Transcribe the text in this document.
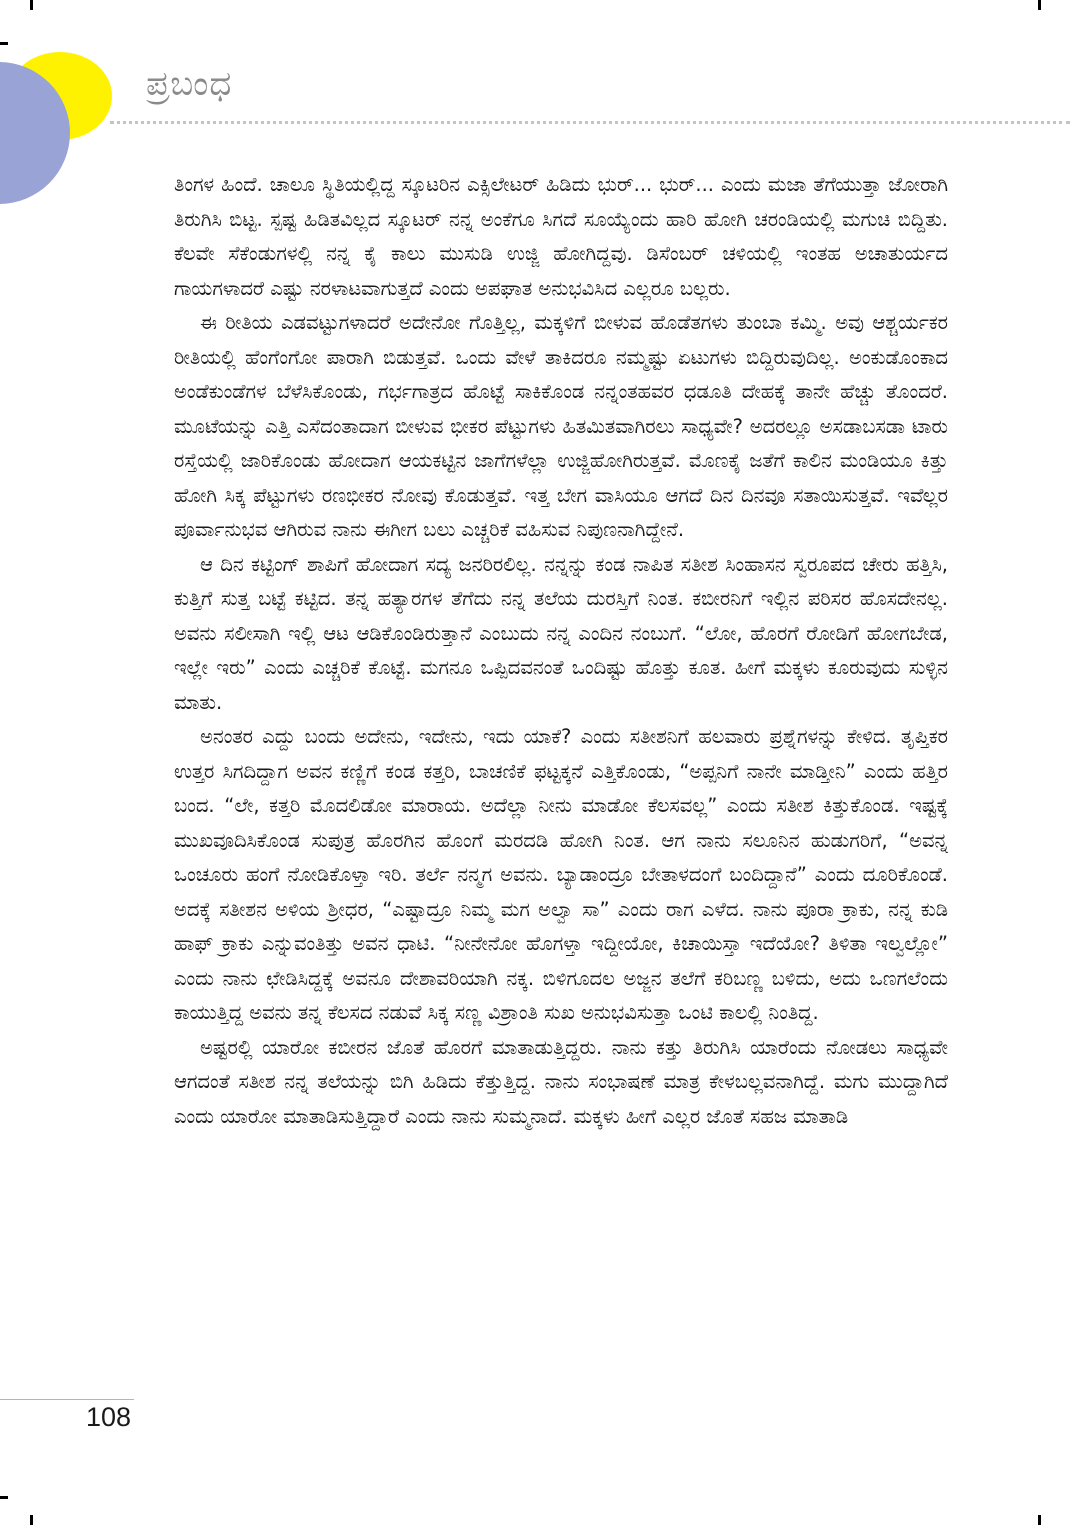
ಪ್ರಬಂಧ

ತಿಂಗಳ ಹಿಂದೆ. ಚಾಲೂ ಸ್ಥಿತಿಯಲ್ಲಿದ್ದ ಸ್ಕೂಟರಿನ ಎಕ್ಸಿಲೇಟರ್ ಹಿಡಿದು ಭುರ್... ಭುರ್... ಎಂದು ಮಜಾ ತೆಗೆಯುತ್ತಾ ಜೋರಾಗಿ ತಿರುಗಿಸಿ ಬಿಟ್ಟ. ಸ್ಪಷ್ಟ ಹಿಡಿತವಿಲ್ಲದ ಸ್ಕೂಟರ್ ನನ್ನ ಅಂಕೆಗೂ ಸಿಗದೆ ಸೂಯ್ಯೆಂದು ಹಾರಿ ಹೋಗಿ ಚರಂಡಿಯಲ್ಲಿ ಮಗುಚಿ ಬಿದ್ದಿತು. ಕೆಲವೇ ಸೆಕೆಂಡುಗಳಲ್ಲಿ ನನ್ನ ಕೈ ಕಾಲು ಮುಸುಡಿ ಉಜ್ಜಿ ಹೋಗಿದ್ದವು. ಡಿಸೆಂಬರ್ ಚಳಿಯಲ್ಲಿ ಇಂತಹ ಅಚಾತುರ್ಯದ ಗಾಯಗಳಾದರೆ ಎಷ್ಟು ನರಳಾಟವಾಗುತ್ತದೆ ಎಂದು ಅಪಘಾತ ಅನುಭವಿಸಿದ ಎಲ್ಲರೂ ಬಲ್ಲರು.

ಈ ರೀತಿಯ ಎಡವಟ್ಟುಗಳಾದರೆ ಅದೇನೋ ಗೊತ್ತಿಲ್ಲ, ಮಕ್ಕಳಿಗೆ ಬೀಳುವ ಹೊಡೆತಗಳು ತುಂಬಾ ಕಮ್ಮಿ. ಅವು ಆಶ್ಚರ್ಯಕರ ರೀತಿಯಲ್ಲಿ ಹೆಂಗೆಂಗೋ ಪಾರಾಗಿ ಬಿಡುತ್ತವೆ. ಒಂದು ವೇಳೆ ತಾಕಿದರೂ ನಮ್ಮಷ್ಟು ಏಟುಗಳು ಬಿದ್ದಿರುವುದಿಲ್ಲ. ಅಂಕುಡೊಂಕಾದ ಅಂಡೆಕುಂಡೆಗಳ ಬೆಳೆಸಿಕೊಂಡು, ಗರ್ಭಗಾತ್ರದ ಹೊಟ್ಟೆ ಸಾಕಿಕೊಂಡ ನನ್ನಂತಹವರ ಧಡೂತಿ ದೇಹಕ್ಕೆ ತಾನೇ ಹೆಚ್ಚು ತೊಂದರೆ. ಮೂಟೆಯನ್ನು ಎತ್ತಿ ಎಸೆದಂತಾದಾಗ ಬೀಳುವ ಭೀಕರ ಪೆಟ್ಟುಗಳು ಹಿತಮಿತವಾಗಿರಲು ಸಾಧ್ಯವೇ? ಅದರಲ್ಲೂ ಅಸಡಾಬಸಡಾ ಟಾರು ರಸ್ತೆಯಲ್ಲಿ ಜಾರಿಕೊಂಡು ಹೋದಾಗ ಆಯಕಟ್ಟಿನ ಜಾಗೆಗಳೆಲ್ಲಾ ಉಜ್ಜಿಹೋಗಿರುತ್ತವೆ. ಮೊಣಕೈ ಜತೆಗೆ ಕಾಲಿನ ಮಂಡಿಯೂ ಕಿತ್ತು ಹೋಗಿ ಸಿಕ್ಕ ಪೆಟ್ಟುಗಳು ರಣಭೀಕರ ನೋವು ಕೊಡುತ್ತವೆ. ಇತ್ತ ಬೇಗ ವಾಸಿಯೂ ಆಗದೆ ದಿನ ದಿನವೂ ಸತಾಯಿಸುತ್ತವೆ. ಇವೆಲ್ಲರ ಪೂರ್ವಾನುಭವ ಆಗಿರುವ ನಾನು ಈಗೀಗ ಬಲು ಎಚ್ಚರಿಕೆ ವಹಿಸುವ ನಿಪುಣನಾಗಿದ್ದೇನೆ.

ಆ ದಿನ ಕಟ್ಟಿಂಗ್ ಶಾಪಿಗೆ ಹೋದಾಗ ಸದ್ಯ ಜನರಿರಲಿಲ್ಲ. ನನ್ನನ್ನು ಕಂಡ ನಾಪಿತ ಸತೀಶ ಸಿಂಹಾಸನ ಸ್ವರೂಪದ ಚೇರು ಹತ್ತಿಸಿ, ಕುತ್ತಿಗೆ ಸುತ್ತ ಬಟ್ಟೆ ಕಟ್ಟಿದ. ತನ್ನ ಹತ್ಯಾರಗಳ ತೆಗೆದು ನನ್ನ ತಲೆಯ ದುರಸ್ತಿಗೆ ನಿಂತ. ಕಬೀರನಿಗೆ ಇಲ್ಲಿನ ಪರಿಸರ ಹೊಸದೇನಲ್ಲ. ಅವನು ಸಲೀಸಾಗಿ ಇಲ್ಲಿ ಆಟ ಆಡಿಕೊಂಡಿರುತ್ತಾನೆ ಎಂಬುದು ನನ್ನ ಎಂದಿನ ನಂಬುಗೆ. “ಲೋ, ಹೊರಗೆ ರೋಡಿಗೆ ಹೋಗಬೇಡ, ಇಲ್ಲೇ ಇರು” ಎಂದು ಎಚ್ಚರಿಕೆ ಕೊಟ್ಟೆ. ಮಗನೂ ಒಪ್ಪಿದವನಂತೆ ಒಂದಿಷ್ಟು ಹೊತ್ತು ಕೂತ. ಹೀಗೆ ಮಕ್ಕಳು ಕೂರುವುದು ಸುಳ್ಳಿನ ಮಾತು.

ಅನಂತರ ಎದ್ದು ಬಂದು ಅದೇನು, ಇದೇನು, ಇದು ಯಾಕೆ? ಎಂದು ಸತೀಶನಿಗೆ ಹಲವಾರು ಪ್ರಶ್ನೆಗಳನ್ನು ಕೇಳಿದ. ತೃಪ್ತಿಕರ ಉತ್ತರ ಸಿಗದಿದ್ದಾಗ ಅವನ ಕಣ್ಣಿಗೆ ಕಂಡ ಕತ್ತರಿ, ಬಾಚಣಿಕೆ ಫಟ್ಟಕ್ಕನೆ ಎತ್ತಿಕೊಂಡು, “ಅಪ್ಪನಿಗೆ ನಾನೇ ಮಾಡ್ತೀನಿ” ಎಂದು ಹತ್ತಿರ ಬಂದ. “ಲೇ, ಕತ್ತರಿ ಮೊದಲಿಡೋ ಮಾರಾಯ. ಅದೆಲ್ಲಾ ನೀನು ಮಾಡೋ ಕೆಲಸವಲ್ಲ” ಎಂದು ಸತೀಶ ಕಿತ್ತುಕೊಂಡ. ಇಷ್ಟಕ್ಕೆ ಮುಖವೂದಿಸಿಕೊಂಡ ಸುಪುತ್ರ ಹೊರಗಿನ ಹೊಂಗೆ ಮರದಡಿ ಹೋಗಿ ನಿಂತ. ಆಗ ನಾನು ಸಲೂನಿನ ಹುಡುಗರಿಗೆ, “ಅವನ್ನ ಒಂಚೂರು ಹಂಗೆ ನೋಡಿಕೊಳ್ತಾ ಇರಿ. ತರ್ಲೆ ನನ್ಮಗ ಅವನು. ಬ್ಯಾಡಾಂದ್ರೂ ಬೇತಾಳದಂಗೆ ಬಂದಿದ್ದಾನೆ” ಎಂದು ದೂರಿಕೊಂಡೆ. ಅದಕ್ಕೆ ಸತೀಶನ ಅಳಿಯ ಶ್ರೀಧರ, “ಎಷ್ಟಾದ್ರೂ ನಿಮ್ಮ ಮಗ ಅಲ್ವಾ ಸಾ” ಎಂದು ರಾಗ ಎಳೆದ. ನಾನು ಪೂರಾ ಕ್ರಾಕು, ನನ್ನ ಕುಡಿ ಹಾಫ್ ಕ್ರಾಕು ಎನ್ನುವಂತಿತ್ತು ಅವನ ಧಾಟಿ. “ನೀನೇನೋ ಹೊಗಳ್ತಾ ಇದ್ದೀಯೋ, ಕಿಚಾಯಿಸ್ತಾ ಇದೆಯೋ? ತಿಳಿತಾ ಇಲ್ವಲ್ಲೋ” ಎಂದು ನಾನು ಛೇಡಿಸಿದ್ದಕ್ಕೆ ಅವನೂ ದೇಶಾವರಿಯಾಗಿ ನಕ್ಕ. ಬಿಳಿಗೂದಲ ಅಜ್ಜನ ತಲೆಗೆ ಕರಿಬಣ್ಣ ಬಳಿದು, ಅದು ಒಣಗಲೆಂದು ಕಾಯುತ್ತಿದ್ದ ಅವನು ತನ್ನ ಕೆಲಸದ ನಡುವೆ ಸಿಕ್ಕ ಸಣ್ಣ ವಿಶ್ರಾಂತಿ ಸುಖ ಅನುಭವಿಸುತ್ತಾ ಒಂಟಿ ಕಾಲಲ್ಲಿ ನಿಂತಿದ್ದ.

ಅಷ್ಟರಲ್ಲಿ ಯಾರೋ ಕಬೀರನ ಜೊತೆ ಹೊರಗೆ ಮಾತಾಡುತ್ತಿದ್ದರು. ನಾನು ಕತ್ತು ತಿರುಗಿಸಿ ಯಾರೆಂದು ನೋಡಲು ಸಾಧ್ಯವೇ ಆಗದಂತೆ ಸತೀಶ ನನ್ನ ತಲೆಯನ್ನು ಬಿಗಿ ಹಿಡಿದು ಕೆತ್ತುತ್ತಿದ್ದ. ನಾನು ಸಂಭಾಷಣೆ ಮಾತ್ರ ಕೇಳಬಲ್ಲವನಾಗಿದ್ದೆ. ಮಗು ಮುದ್ದಾಗಿದೆ ಎಂದು ಯಾರೋ ಮಾತಾಡಿಸುತ್ತಿದ್ದಾರೆ ಎಂದು ನಾನು ಸುಮ್ಮನಾದೆ. ಮಕ್ಕಳು ಹೀಗೆ ಎಲ್ಲರ ಜೊತೆ ಸಹಜ ಮಾತಾಡಿ

108
